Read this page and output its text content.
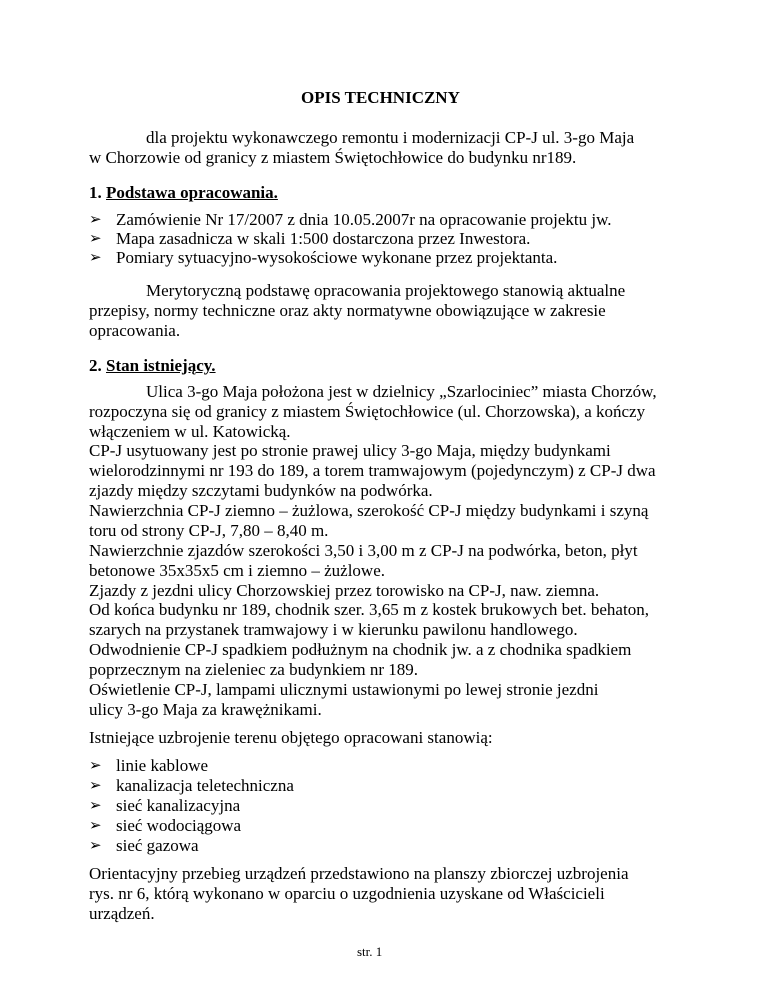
OPIS TECHNICZNY
dla projektu wykonawczego remontu i modernizacji CP-J ul. 3-go Maja
w Chorzowie od granicy z miastem Świętochłowice do budynku nr189.
1. Podstawa opracowania.
➢ Zamówienie Nr 17/2007 z dnia 10.05.2007r na opracowanie projektu jw.
➢ Mapa zasadnicza w skali 1:500 dostarczona przez Inwestora.
➢ Pomiary sytuacyjno-wysokościowe wykonane przez projektanta.
Merytoryczną podstawę opracowania projektowego stanowią aktualne
przepisy, normy techniczne oraz akty normatywne obowiązujące w zakresie
opracowania.
2. Stan istniejący.
Ulica 3-go Maja położona jest w dzielnicy „Szarlociniec” miasta Chorzów,
rozpoczyna się od granicy z miastem Świętochłowice (ul. Chorzowska), a kończy
włączeniem w ul. Katowicką.
CP-J usytuowany jest po stronie prawej ulicy 3-go Maja, między budynkami
wielorodzinnymi nr 193 do 189, a torem tramwajowym (pojedynczym) z CP-J dwa
zjazdy między szczytami budynków na podwórka.
Nawierzchnia CP-J ziemno – żużlowa, szerokość CP-J między budynkami i szyną
toru od strony CP-J, 7,80 – 8,40 m.
Nawierzchnie zjazdów szerokości 3,50 i 3,00 m z CP-J na podwórka, beton, płyt
betonowe 35x35x5 cm i ziemno – żużlowe.
Zjazdy z jezdni ulicy Chorzowskiej przez torowisko na CP-J, naw. ziemna.
Od końca budynku nr 189, chodnik szer. 3,65 m z kostek brukowych bet. behaton,
szarych na przystanek tramwajowy i w kierunku pawilonu handlowego.
Odwodnienie CP-J spadkiem podłużnym na chodnik jw. a z chodnika spadkiem
poprzecznym na zieleniec za budynkiem nr 189.
Oświetlenie CP-J, lampami ulicznymi ustawionymi po lewej stronie jezdni
ulicy 3-go Maja za krawężnikami.
Istniejące uzbrojenie terenu objętego opracowani stanowią:
➢ linie kablowe
➢ kanalizacja teletechniczna
➢ sieć kanalizacyjna
➢ sieć wodociągowa
➢ sieć gazowa
Orientacyjny przebieg urządzeń przedstawiono na planszy zbiorczej uzbrojenia
rys. nr 6, którą wykonano w oparciu o uzgodnienia uzyskane od Właścicieli
urządzeń.
str. 1
